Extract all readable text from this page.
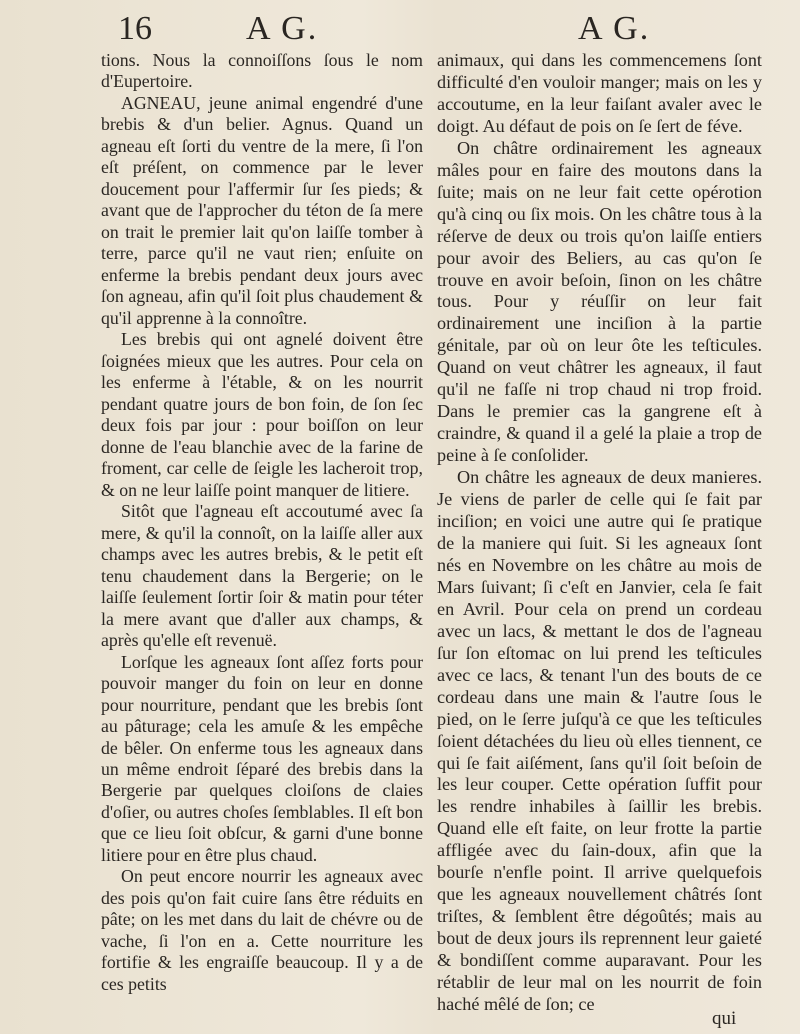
16	A G.	A G.

tions. Nous la connoiſſons ſous le nom d'Eupertoire.

AGNEAU, jeune animal engendré d'une brebis & d'un belier. Agnus. Quand un agneau eſt ſorti du ventre de la mere, ſi l'on eſt préſent, on commence par le lever doucement pour l'affermir ſur ſes pieds; & avant que de l'approcher du téton de ſa mere on trait le premier lait qu'on laiſſe tomber à terre, parce qu'il ne vaut rien; enſuite on enferme la brebis pendant deux jours avec ſon agneau, afin qu'il ſoit plus chaudement & qu'il apprenne à la connoître.

Les brebis qui ont agnelé doivent être ſoignées mieux que les autres. Pour cela on les enferme à l'étable, & on les nourrit pendant quatre jours de bon foin, de ſon ſec deux fois par jour : pour boiſſon on leur donne de l'eau blanchie avec de la farine de froment, car celle de ſeigle les lacheroit trop, & on ne leur laiſſe point manquer de litiere.

Sitôt que l'agneau eſt accoutumé avec ſa mere, & qu'il la connoît, on la laiſſe aller aux champs avec les autres brebis, & le petit eſt tenu chaudement dans la Bergerie; on le laiſſe ſeulement ſortir ſoir & matin pour téter la mere avant que d'aller aux champs, & après qu'elle eſt revenuë.

Lorſque les agneaux ſont aſſez forts pour pouvoir manger du foin on leur en donne pour nourriture, pendant que les brebis ſont au pâturage; cela les amuſe & les empêche de bêler. On enferme tous les agneaux dans un même endroit ſéparé des brebis dans la Bergerie par quelques cloiſons de claies d'oſier, ou autres choſes ſemblables. Il eſt bon que ce lieu ſoit obſcur, & garni d'une bonne litiere pour en être plus chaud.

On peut encore nourrir les agneaux avec des pois qu'on fait cuire ſans être réduits en pâte; on les met dans du lait de chévre ou de vache, ſi l'on en a. Cette nourriture les fortifie & les engraiſſe beaucoup. Il y a de ces petits

animaux, qui dans les commencemens ſont difficulté d'en vouloir manger; mais on les y accoutume, en la leur faiſant avaler avec le doigt. Au défaut de pois on ſe ſert de féve.

On châtre ordinairement les agneaux mâles pour en faire des moutons dans la ſuite; mais on ne leur fait cette opérotion qu'à cinq ou ſix mois. On les châtre tous à la réſerve de deux ou trois qu'on laiſſe entiers pour avoir des Beliers, au cas qu'on ſe trouve en avoir beſoin, ſinon on les châtre tous. Pour y réuſſir on leur fait ordinairement une inciſion à la partie génitale, par où on leur ôte les teſticules. Quand on veut châtrer les agneaux, il faut qu'il ne faſſe ni trop chaud ni trop froid. Dans le premier cas la gangrene eſt à craindre, & quand il a gelé la plaie a trop de peine à ſe conſolider.

On châtre les agneaux de deux manieres. Je viens de parler de celle qui ſe fait par inciſion; en voici une autre qui ſe pratique de la maniere qui ſuit. Si les agneaux ſont nés en Novembre on les châtre au mois de Mars ſuivant; ſi c'eſt en Janvier, cela ſe fait en Avril. Pour cela on prend un cordeau avec un lacs, & mettant le dos de l'agneau ſur ſon eſtomac on lui prend les teſticules avec ce lacs, & tenant l'un des bouts de ce cordeau dans une main & l'autre ſous le pied, on le ſerre juſqu'à ce que les teſticules ſoient détachées du lieu où elles tiennent, ce qui ſe fait aiſément, ſans qu'il ſoit beſoin de les leur couper. Cette opération ſuffit pour les rendre inhabiles à ſaillir les brebis. Quand elle eſt faite, on leur frotte la partie affligée avec du ſain-doux, afin que la bourſe n'enfle point. Il arrive quelquefois que les agneaux nouvellement châtrés ſont triſtes, & ſemblent être dégoûtés; mais au bout de deux jours ils reprennent leur gaieté & bondiſſent comme auparavant. Pour les rétablir de leur mal on les nourrit de foin haché mêlé de ſon; ce

qui
